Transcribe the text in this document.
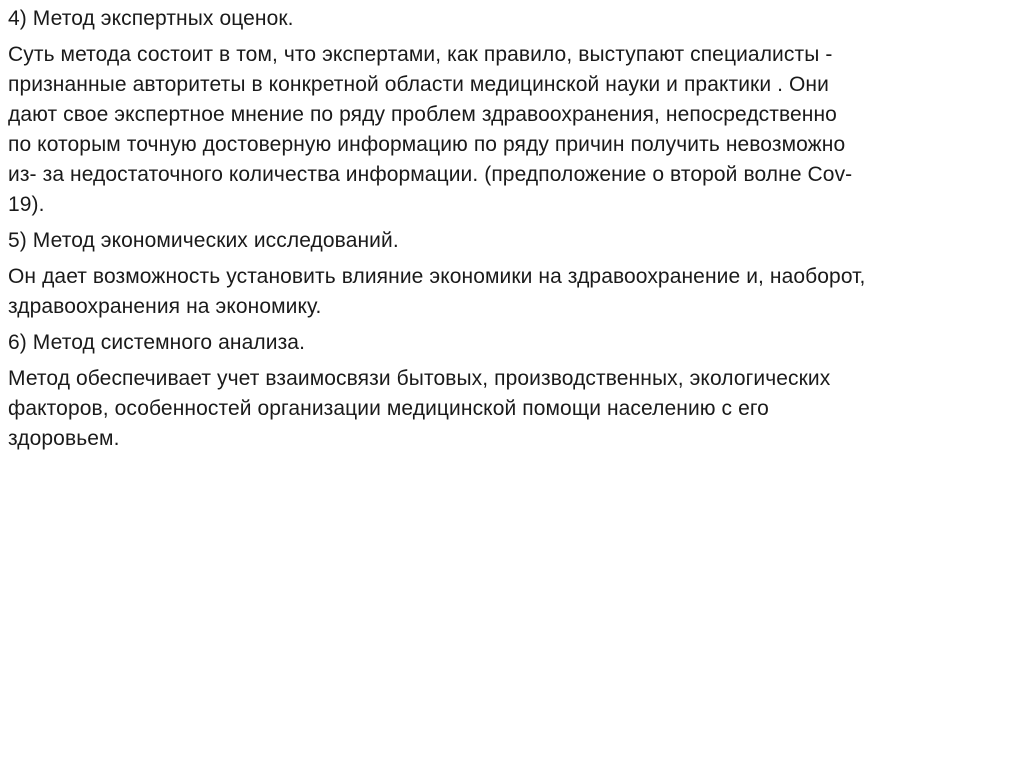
4) Метод экспертных оценок.

Суть метода состоит в том, что экспертами, как правило, выступают специалисты -
признанные авторитеты в конкретной области медицинской науки и практики . Они
дают свое экспертное мнение по ряду проблем здравоохранения, непосредственно
по которым точную достоверную информацию по ряду причин получить невозможно
из- за недостаточного количества информации. (предположение о второй волне Cov-
19).

5) Метод экономических исследований.

Он дает возможность установить влияние экономики на здравоохранение и, наоборот,
здравоохранения на экономику.

6) Метод системного анализа.

Метод обеспечивает учет взаимосвязи бытовых, производственных, экологических
факторов, особенностей организации медицинской помощи населению с его
здоровьем.
